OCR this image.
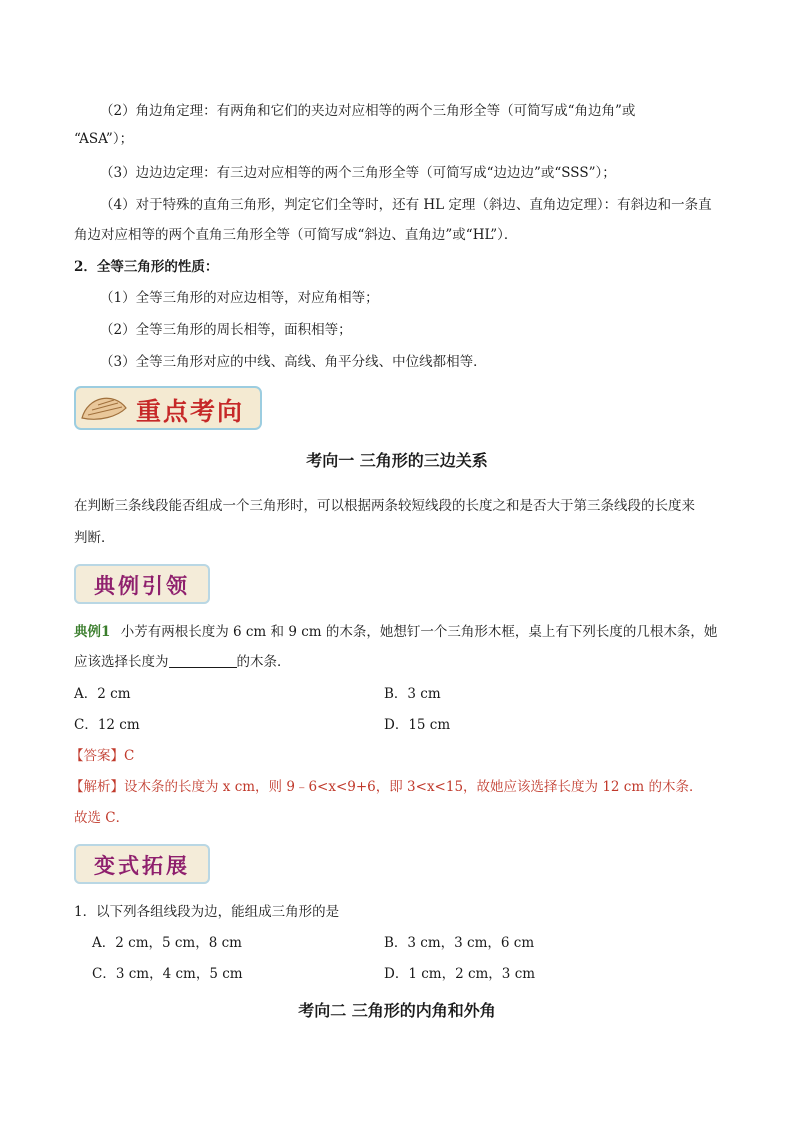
（2）角边角定理：有两角和它们的夹边对应相等的两个三角形全等（可简写成“角边角”或
“ASA”）；
（3）边边边定理：有三边对应相等的两个三角形全等（可简写成“边边边”或“SSS”）；
（4）对于特殊的直角三角形，判定它们全等时，还有 HL 定理（斜边、直角边定理）：有斜边和一条直
角边对应相等的两个直角三角形全等（可简写成“斜边、直角边”或“HL”）．
2．全等三角形的性质：
（1）全等三角形的对应边相等，对应角相等；
（2）全等三角形的周长相等，面积相等；
（3）全等三角形对应的中线、高线、角平分线、中位线都相等．
重点考向
考向一 三角形的三边关系
在判断三条线段能否组成一个三角形时，可以根据两条较短线段的长度之和是否大于第三条线段的长度来
判断．
典例引领
典例1 小芳有两根长度为 6 cm 和 9 cm 的木条，她想钉一个三角形木框，桌上有下列长度的几根木条，她
应该选择长度为	的木条．
A．2 cm	B．3 cm
C．12 cm	D．15 cm
【答案】C
【解析】设木条的长度为 x cm，则 9﹣6<x<9+6，即 3<x<15，故她应该选择长度为 12 cm 的木条．
故选 C．
变式拓展
1．以下列各组线段为边，能组成三角形的是
A．2 cm，5 cm，8 cm	B．3 cm，3 cm，6 cm
C．3 cm，4 cm，5 cm	D．1 cm，2 cm，3 cm
考向二 三角形的内角和外角
